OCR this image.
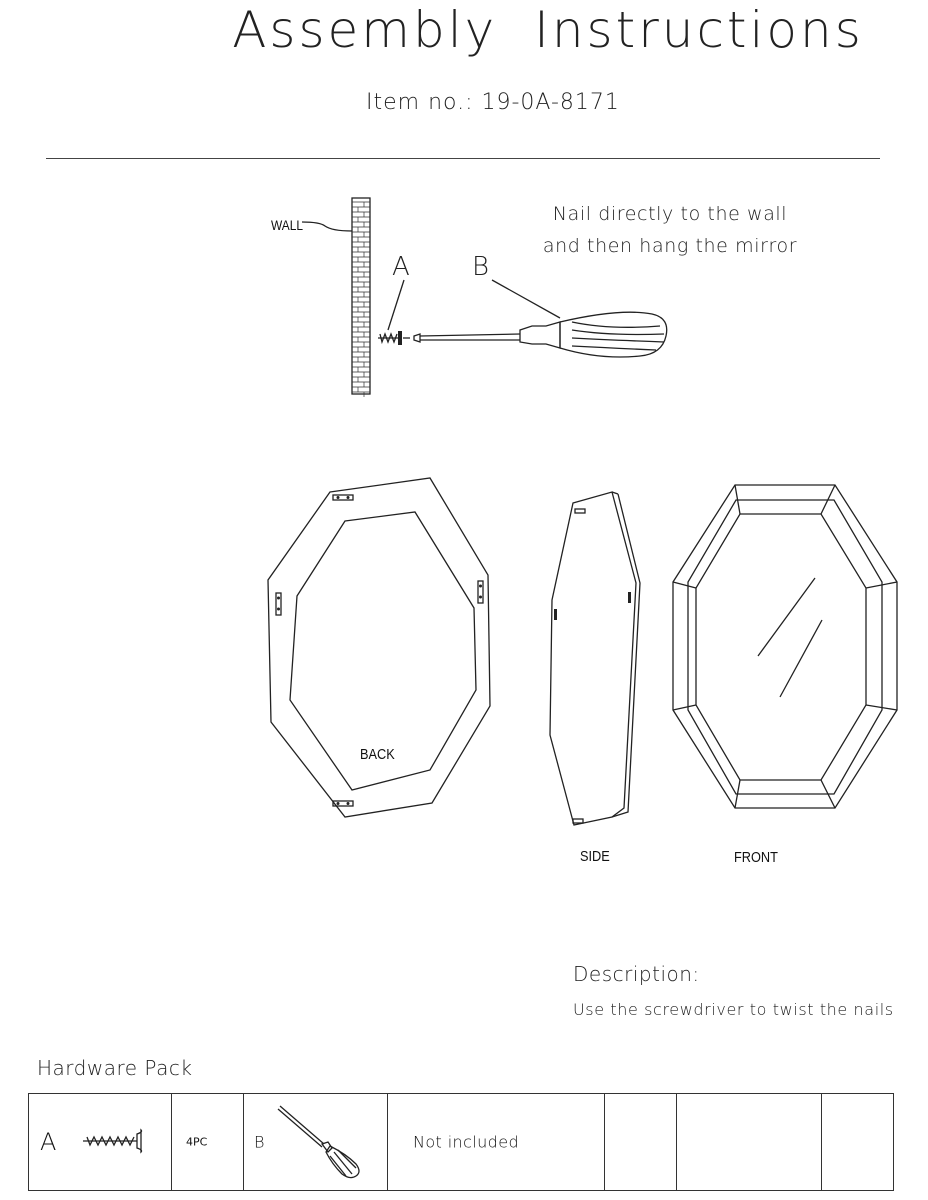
Assembly Instructions
Item no.: 19-0A-8171
WALL
A B
Nail directly to the wall
and then hang the mirror
BACK
SIDE	FRONT
Description:
Use the screwdriver to twist the nails
Hardware Pack
A	4PC	B	Not included
